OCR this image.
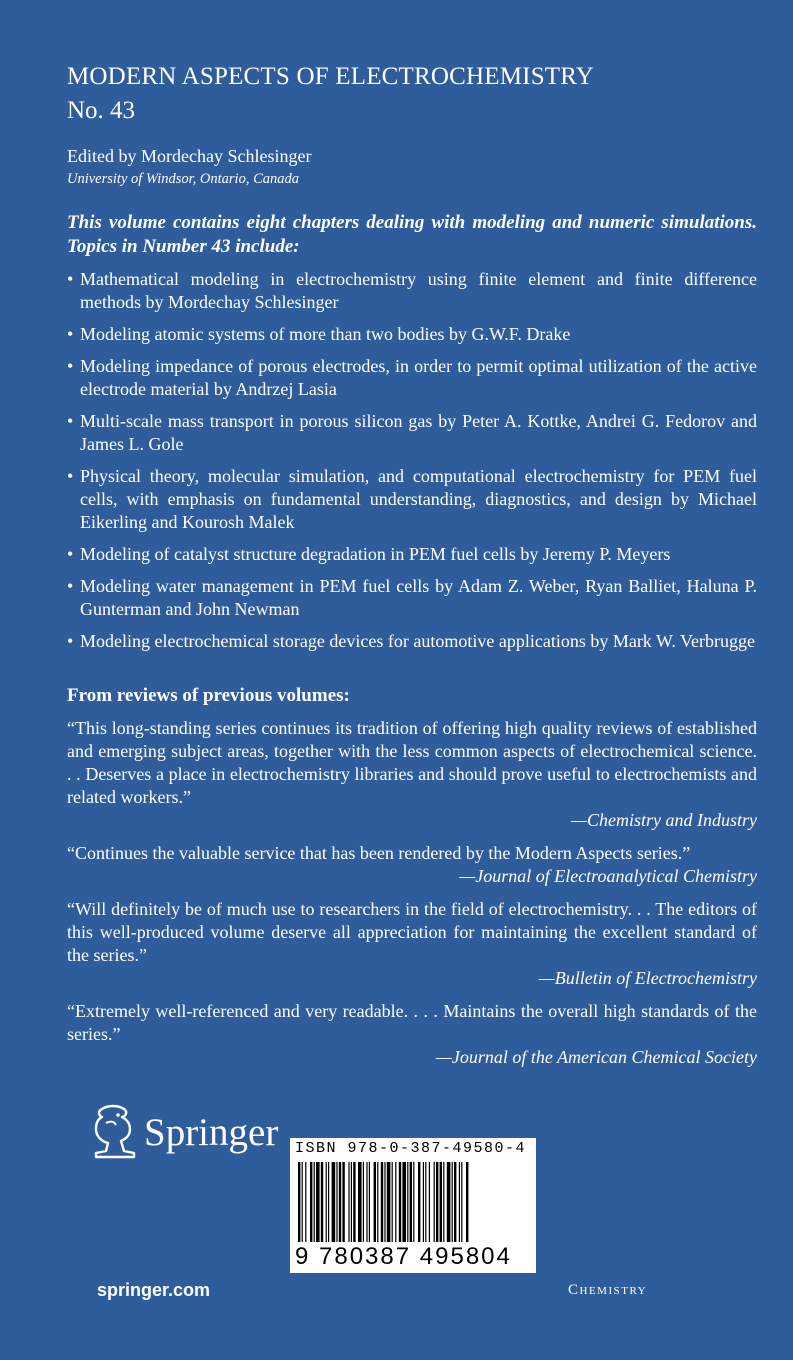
MODERN ASPECTS OF ELECTROCHEMISTRY
No. 43
Edited by Mordechay Schlesinger
University of Windsor, Ontario, Canada
This volume contains eight chapters dealing with modeling and numeric simulations. Topics in Number 43 include:
• Mathematical modeling in electrochemistry using finite element and finite difference methods by Mordechay Schlesinger
• Modeling atomic systems of more than two bodies by G.W.F. Drake
• Modeling impedance of porous electrodes, in order to permit optimal utilization of the active electrode material by Andrzej Lasia
• Multi-scale mass transport in porous silicon gas by Peter A. Kottke, Andrei G. Fedorov and James L. Gole
• Physical theory, molecular simulation, and computational electrochemistry for PEM fuel cells, with emphasis on fundamental understanding, diagnostics, and design by Michael Eikerling and Kourosh Malek
• Modeling of catalyst structure degradation in PEM fuel cells by Jeremy P. Meyers
• Modeling water management in PEM fuel cells by Adam Z. Weber, Ryan Balliet, Haluna P. Gunterman and John Newman
• Modeling electrochemical storage devices for automotive applications by Mark W. Verbrugge
From reviews of previous volumes:

“This long-standing series continues its tradition of offering high quality reviews of established and emerging subject areas, together with the less common aspects of electrochemical science. . . Deserves a place in electrochemistry libraries and should prove useful to electrochemists and related workers.”

—Chemistry and Industry

“Continues the valuable service that has been rendered by the Modern Aspects series.”

—Journal of Electroanalytical Chemistry

“Will definitely be of much use to researchers in the field of electrochemistry. . . The editors of this well-produced volume deserve all appreciation for maintaining the excellent standard of the series.”

—Bulletin of Electrochemistry

“Extremely well-referenced and very readable. . . . Maintains the overall high standards of the series.”

—Journal of the American Chemical Society

Springer ISBN 978-0-387-49580-4
9 780387 495804
springer.com	Chemistry
